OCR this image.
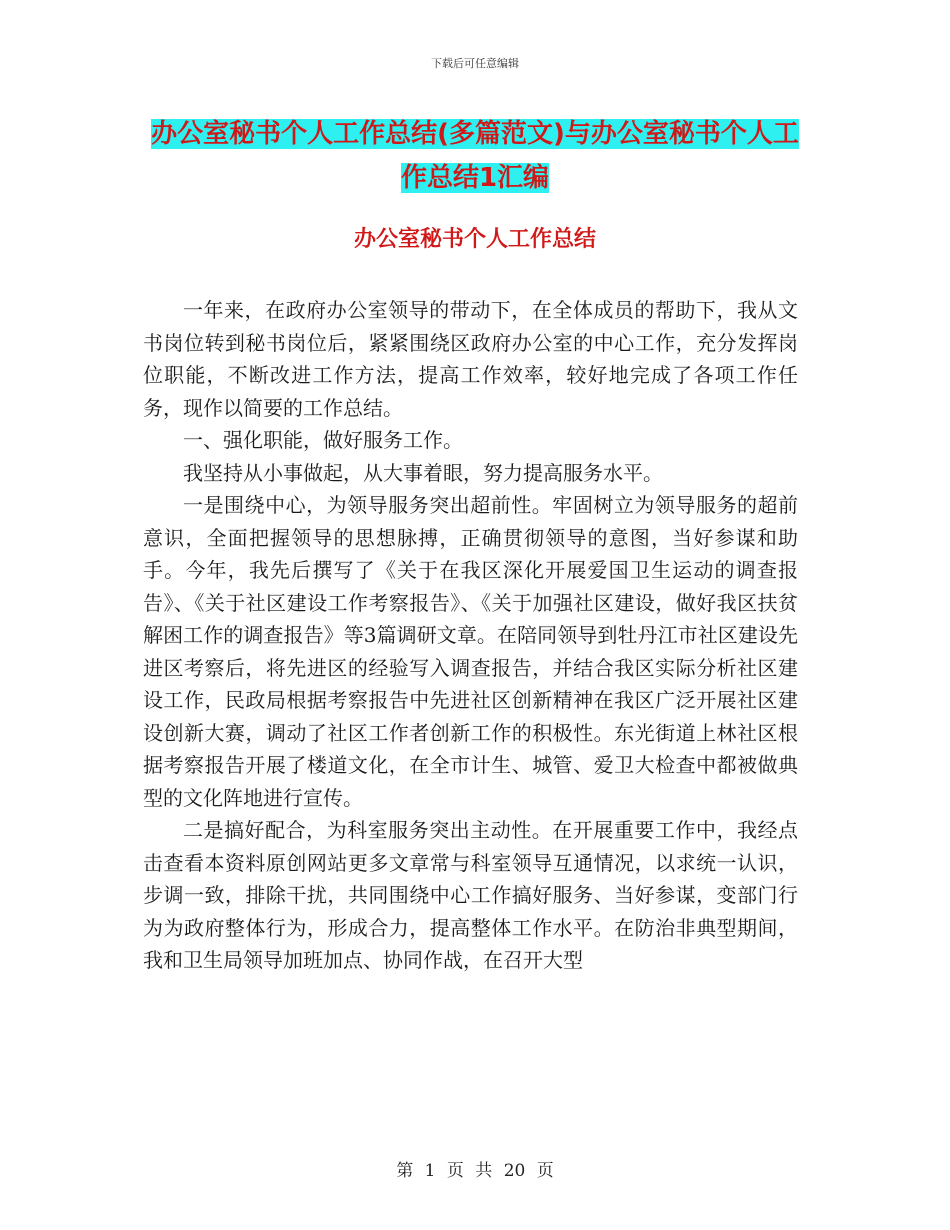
下载后可任意编辑
办公室秘书个人工作总结(多篇范文)与办公室秘书个人工作总结1汇编
办公室秘书个人工作总结

一年来，在政府办公室领导的带动下，在全体成员的帮助下，我从文书岗位转到秘书岗位后，紧紧围绕区政府办公室的中心工作，充分发挥岗位职能，不断改进工作方法，提高工作效率，较好地完成了各项工作任务，现作以简要的工作总结。

一、强化职能，做好服务工作。

我坚持从小事做起，从大事着眼，努力提高服务水平。

一是围绕中心，为领导服务突出超前性。牢固树立为领导服务的超前意识，全面把握领导的思想脉搏，正确贯彻领导的意图，当好参谋和助手。今年，我先后撰写了《关于在我区深化开展爱国卫生运动的调查报告》、《关于社区建设工作考察报告》、《关于加强社区建设，做好我区扶贫解困工作的调查报告》等3篇调研文章。在陪同领导到牡丹江市社区建设先进区考察后，将先进区的经验写入调查报告，并结合我区实际分析社区建设工作，民政局根据考察报告中先进社区创新精神在我区广泛开展社区建设创新大赛，调动了社区工作者创新工作的积极性。东光街道上林社区根据考察报告开展了楼道文化，在全市计生、城管、爱卫大检查中都被做典型的文化阵地进行宣传。

二是搞好配合，为科室服务突出主动性。在开展重要工作中，我经点击查看本资料原创网站更多文章常与科室领导互通情况，以求统一认识，步调一致，排除干扰，共同围绕中心工作搞好服务、当好参谋，变部门行为为政府整体行为，形成合力，提高整体工作水平。在防治非典型期间，我和卫生局领导加班加点、协同作战，在召开大型

第 1 页 共 20 页
